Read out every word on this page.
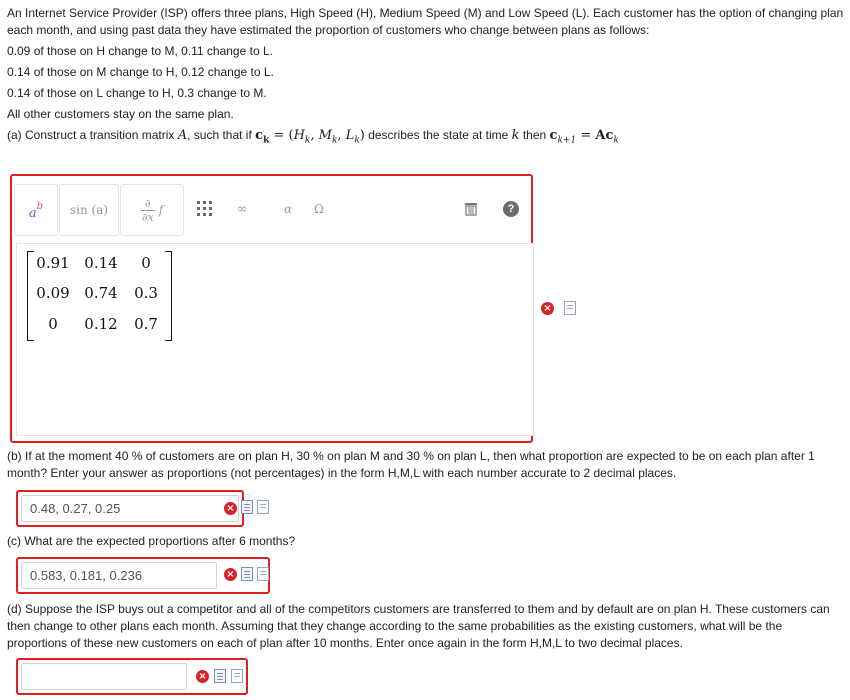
An Internet Service Provider (ISP) offers three plans, High Speed (H), Medium Speed (M) and Low Speed (L). Each customer has the option of changing plan

each month, and using past data they have estimated the proportion of customers who change between plans as follows:

0.09 of those on H change to M, 0.11 change to L.

0.14 of those on M change to H, 0.12 change to L.

0.14 of those on L change to H, 0.3 change to M.

All other customers stay on the same plan.

(a) Construct a transition matrix A, such that if $c_k = (H_k$, $M_k$, $L_k$) describes the state at time k then $c_{k+1} = Ac_k$

a b	sin (a)	∂
∂x f	∞	α	Ω	?
0.91 0.14	0
0.09 0.74	0.3
0	0.12	0.7
×

(b) If at the moment 40 % of customers are on plan H, 30 % on plan M and 30 % on plan L, then what proportion are expected to be on each plan after 1

month? Enter your answer as proportions (not percentages) in the form H,M,L with each number accurate to 2 decimal places.

0.48, 0.27, 0.25
×

(c) What are the expected proportions after 6 months?

0.583, 0.181, 0.236
×

(d) Suppose the ISP buys out a competitor and all of the competitors customers are transferred to them and by default are on plan H. These customers can

then change to other plans each month. Assuming that they change according to the same probabilities as the existing customers, what will be the

proportions of these new customers on each of plan after 10 months. Enter once again in the form H,M,L to two decimal places.

×
